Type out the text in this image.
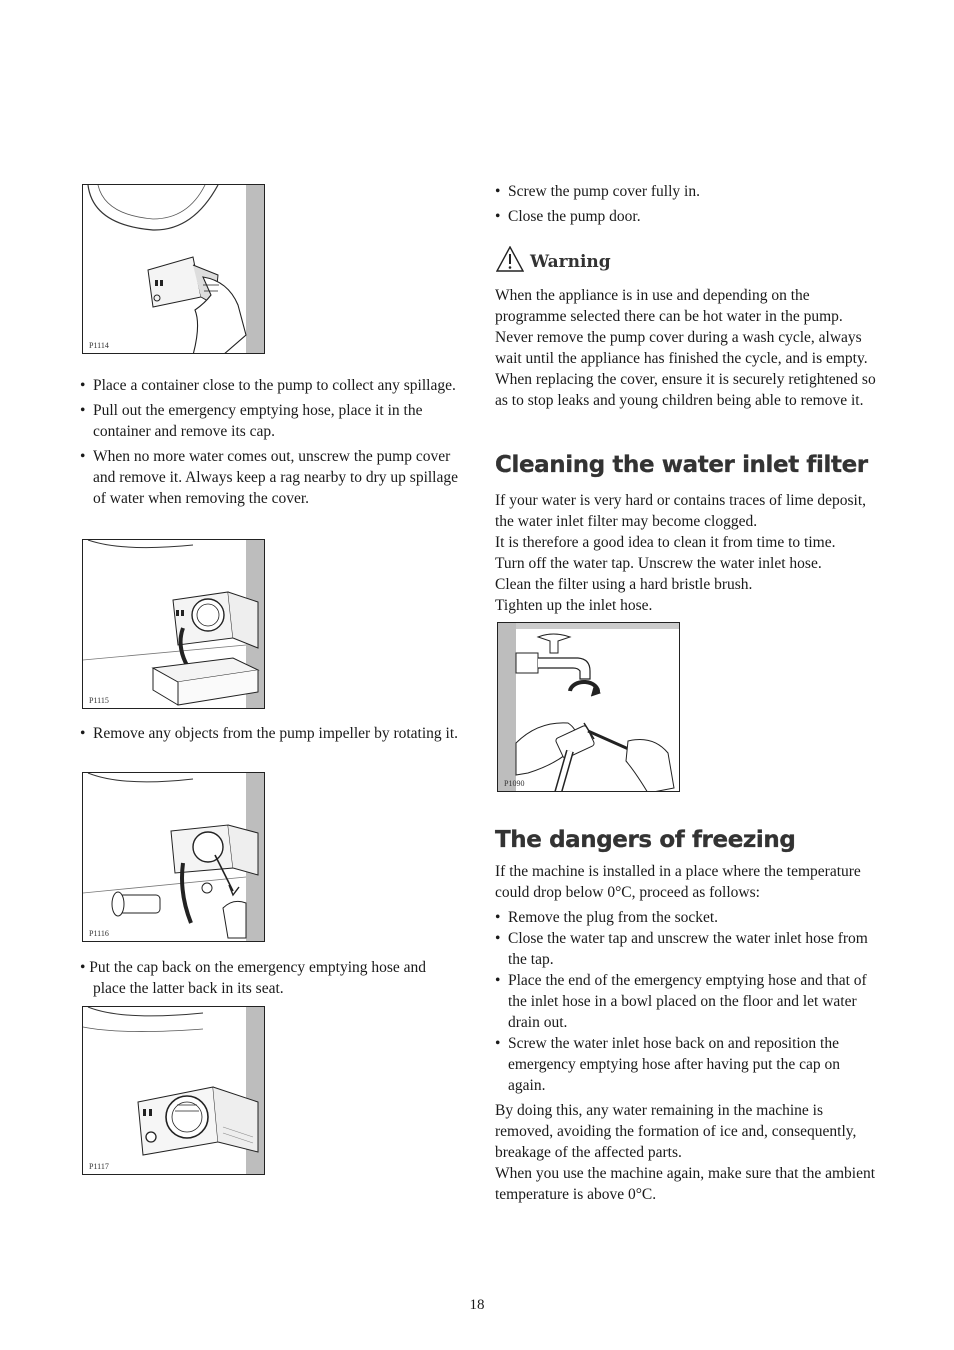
P1114
• Place a container close to the pump to collect any spillage.
• Pull out the emergency emptying hose, place it in the container and remove its cap.
• When no more water comes out, unscrew the pump cover and remove it. Always keep a rag nearby to dry up spillage of water when removing the cover.
P1115
• Remove any objects from the pump impeller by rotating it.
P1116

• Put the cap back on the emergency emptying hose and place the latter back in its seat.

P1117
• Screw the pump cover fully in.
• Close the pump door.
Warning

When the appliance is in use and depending on the programme selected there can be hot water in the pump. Never remove the pump cover during a wash cycle, always wait until the appliance has finished the cycle, and is empty. When replacing the cover, ensure it is securely retightened so as to stop leaks and young children being able to remove it.

Cleaning the water inlet filter

If your water is very hard or contains traces of lime deposit, the water inlet filter may become clogged.

It is therefore a good idea to clean it from time to time.

Turn off the water tap. Unscrew the water inlet hose.

Clean the filter using a hard bristle brush.

Tighten up the inlet hose.

P1090
The dangers of freezing

If the machine is installed in a place where the temperature could drop below 0°C, proceed as follows:

• Remove the plug from the socket.
• Close the water tap and unscrew the water inlet hose from the tap.
• Place the end of the emergency emptying hose and that of the inlet hose in a bowl placed on the floor and let water drain out.
• Screw the water inlet hose back on and reposition the emergency emptying hose after having put the cap on again.

By doing this, any water remaining in the machine is removed, avoiding the formation of ice and, consequently, breakage of the affected parts.

When you use the machine again, make sure that the ambient temperature is above 0°C.

18
